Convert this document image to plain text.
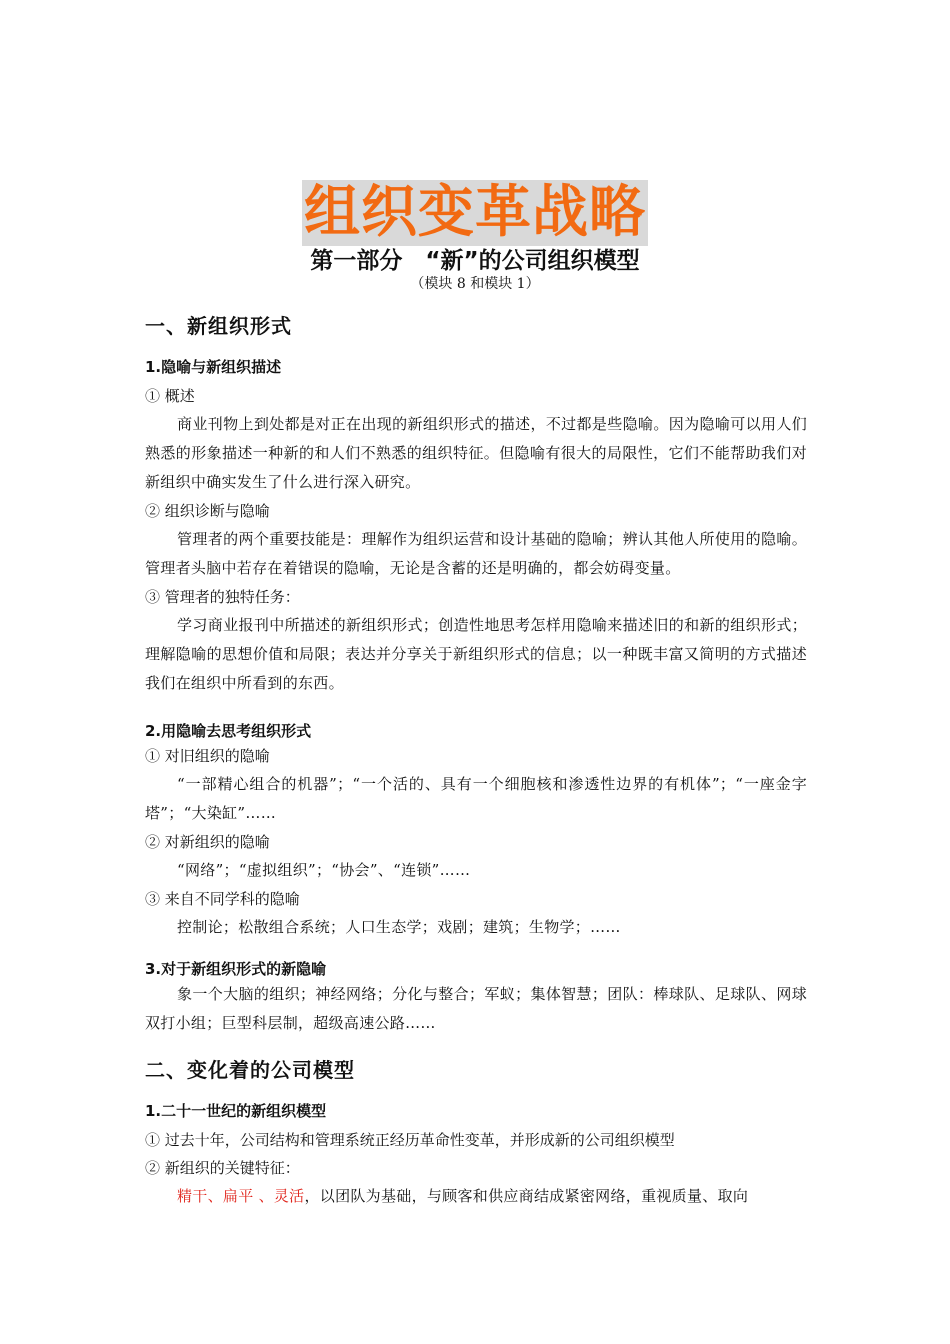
组织变革战略
第一部分　“新”的公司组织模型
（模块 8 和模块 1）
一、新组织形式
1.隐喻与新组织描述

① 概述

商业刊物上到处都是对正在出现的新组织形式的描述，不过都是些隐喻。因为隐喻可以用人们熟悉的形象描述一种新的和人们不熟悉的组织特征。但隐喻有很大的局限性，它们不能帮助我们对新组织中确实发生了什么进行深入研究。

② 组织诊断与隐喻

管理者的两个重要技能是：理解作为组织运营和设计基础的隐喻；辨认其他人所使用的隐喻。管理者头脑中若存在着错误的隐喻，无论是含蓄的还是明确的，都会妨碍变量。

③ 管理者的独特任务：

学习商业报刊中所描述的新组织形式；创造性地思考怎样用隐喻来描述旧的和新的组织形式；理解隐喻的思想价值和局限；表达并分享关于新组织形式的信息；以一种既丰富又简明的方式描述我们在组织中所看到的东西。

2.用隐喻去思考组织形式

① 对旧组织的隐喻

“一部精心组合的机器”；“一个活的、具有一个细胞核和渗透性边界的有机体”；“一座金字塔”；“大染缸”……

② 对新组织的隐喻

“网络”；“虚拟组织”；“协会”、“连锁”……

③ 来自不同学科的隐喻

控制论；松散组合系统；人口生态学；戏剧；建筑；生物学；……

3.对于新组织形式的新隐喻

象一个大脑的组织；神经网络；分化与整合；军蚁；集体智慧；团队：棒球队、足球队、网球双打小组；巨型科层制，超级高速公路……

二、变化着的公司模型
1.二十一世纪的新组织模型

① 过去十年，公司结构和管理系统正经历革命性变革，并形成新的公司组织模型

② 新组织的关键特征：

精干、扁平 、灵活，以团队为基础，与顾客和供应商结成紧密网络，重视质量、取向
